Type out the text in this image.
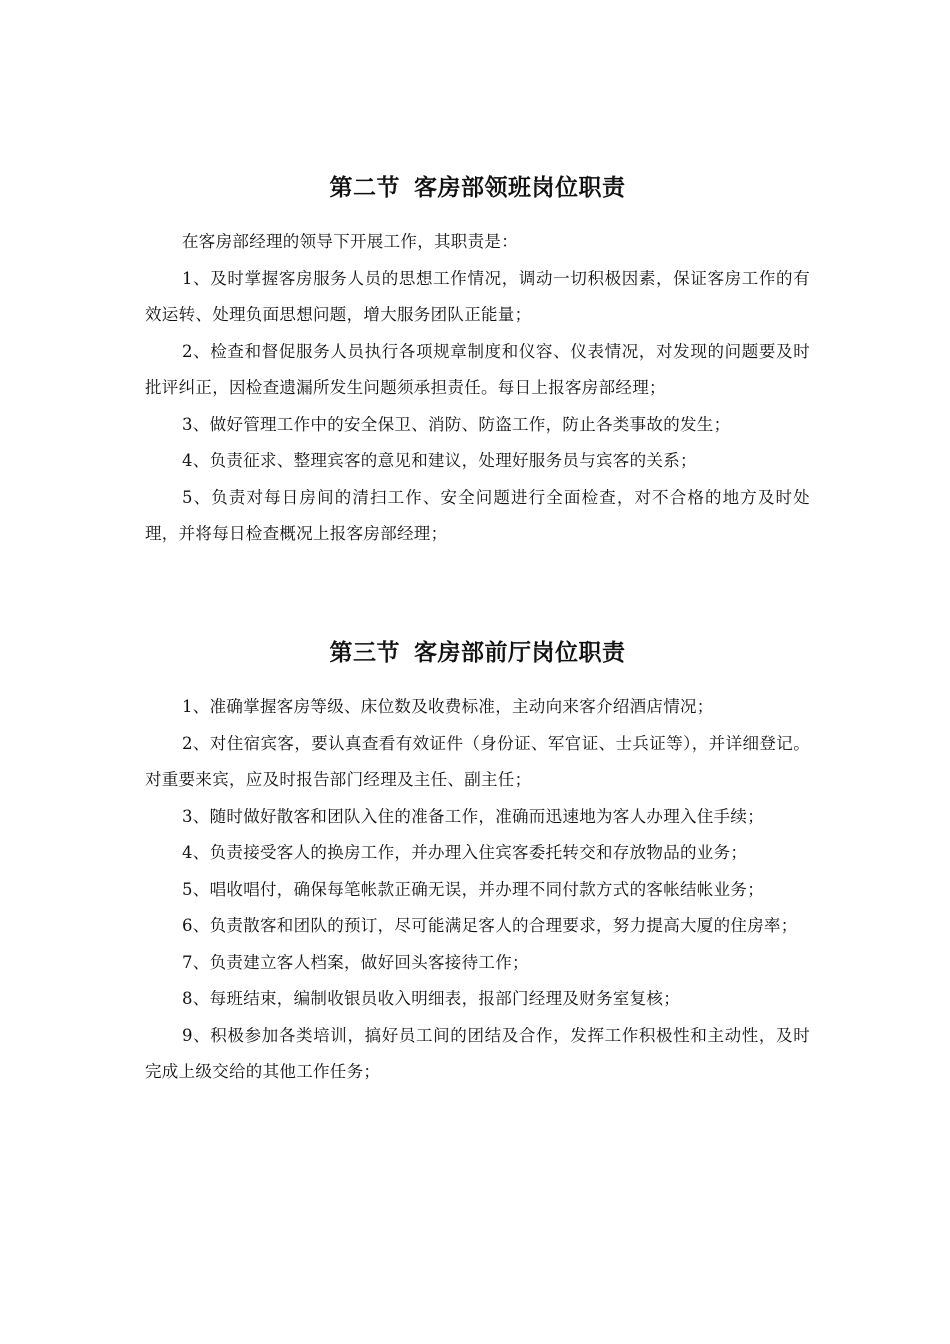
第二节 客房部领班岗位职责

在客房部经理的领导下开展工作，其职责是：

1、及时掌握客房服务人员的思想工作情况，调动一切积极因素，保证客房工作的有效运转、处理负面思想问题，增大服务团队正能量；

2、检查和督促服务人员执行各项规章制度和仪容、仪表情况，对发现的问题要及时批评纠正，因检查遗漏所发生问题须承担责任。每日上报客房部经理；

3、做好管理工作中的安全保卫、消防、防盗工作，防止各类事故的发生；

4、负责征求、整理宾客的意见和建议，处理好服务员与宾客的关系；

5、负责对每日房间的清扫工作、安全问题进行全面检查，对不合格的地方及时处理，并将每日检查概况上报客房部经理；

第三节 客房部前厅岗位职责

1、准确掌握客房等级、床位数及收费标准，主动向来客介绍酒店情况；

2、对住宿宾客，要认真查看有效证件（身份证、军官证、士兵证等），并详细登记。对重要来宾，应及时报告部门经理及主任、副主任；

3、随时做好散客和团队入住的准备工作，准确而迅速地为客人办理入住手续；

4、负责接受客人的换房工作，并办理入住宾客委托转交和存放物品的业务；

5、唱收唱付，确保每笔帐款正确无误，并办理不同付款方式的客帐结帐业务；

6、负责散客和团队的预订，尽可能满足客人的合理要求，努力提高大厦的住房率；

7、负责建立客人档案，做好回头客接待工作；

8、每班结束，编制收银员收入明细表，报部门经理及财务室复核；

9、积极参加各类培训，搞好员工间的团结及合作，发挥工作积极性和主动性，及时完成上级交给的其他工作任务；
